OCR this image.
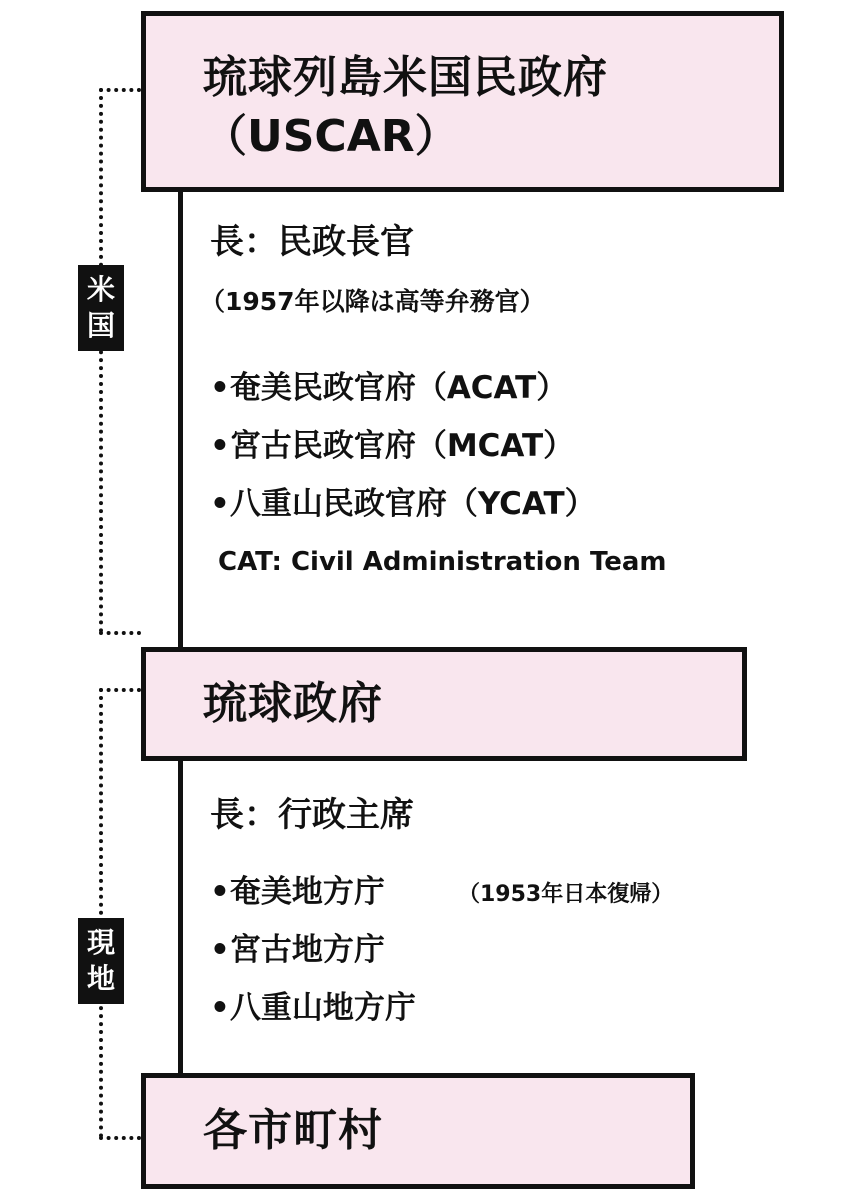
米
国
現
地
琉球列島米国民政府
（USCAR）
長：民政長官
（1957年以降は高等弁務官）
•奄美民政官府（ACAT）
•宮古民政官府（MCAT）
•八重山民政官府（YCAT）
CAT: Civil Administration Team
琉球政府
長：行政主席
•奄美地方庁	（1953年日本復帰）
•宮古地方庁
•八重山地方庁
各市町村
